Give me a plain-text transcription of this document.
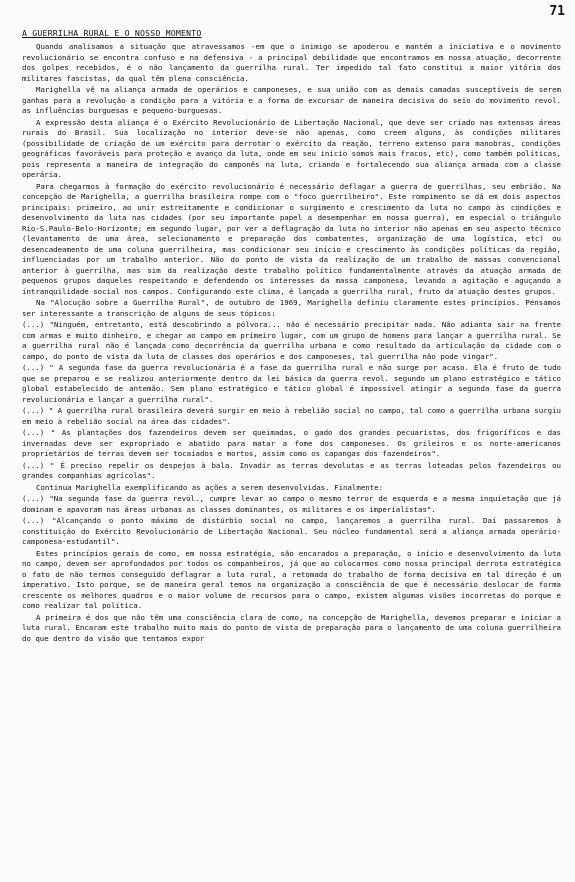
71
A GUERRILHA RURAL E O NOSSO MOMENTO

Quando analisamos a situação que atravessamos -em que o inimigo se apoderou e mantém a iniciativa e o movimento revolucionário se encontra confuso e na defensiva - a principal debilidade que encontramos em nossa atuação, decorrente dos golpes recebidos, é o não lançamento da guerrilha rural. Ter impedido tal fato constitui a maior vitória dos militares fascistas, da qual têm plena consciência.

Marighella vê na aliança armada de operários e camponeses, e sua união com as demais camadas susceptíveis de serem ganhas para a revolução a condição para a vitória e a forma de excursar de maneira decisiva do seio do movimento revol. as influências burguesas e pequeno-burguesas.

A expressão desta aliança é o Exército Revolucionário de Libertação Nacional, que deve ser criado nas extensas áreas rurais do Brasil. Sua localização no interior deve-se não apenas, como creem alguns, às condições militares (possibilidade de criação de um exército para derrotar o exército da reação, terreno extenso para manobras, condições geográficas favoráveis para proteção e avanço da luta, onde em seu início somos mais fracos, etc), como também políticas, pois representa a maneira de integração do camponês na luta, criando e fortalecendo sua aliança armada com a classe operária.

Para chegarmos à formação do exército revolucionário é necessário deflagar a guerra de guerrilhas, seu embrião. Na concepção de Marighella, a guerrilha brasileira rompe com o "foco guerrilheiro". Este rompimento se dá em dois aspectos principais: primeiro, ao unir estreitamente e condicionar o surgimento e crescimento da luta no campo às condições e desenvolvimento da luta nas cidades (por seu importante papel a desempenhar em nossa guerra), em especial o triângulo Rio-S.Paulo-Belo-Horizonte; em segundo lugar, por ver a deflagração da luta no interior não apenas em seu aspecto técnico (levantamento de uma área, selecionamento e preparação dos combatentes, organização de uma logística, etc) ou desencadeamento de uma coluna guerrilheira, mas condicionar seu início e crescimento às condições políticas da região, influenciadas por um trabalho anterior. Não do ponto de vista da realização de um trabalho de massas convencional anterior à guerrilha, mas sim da realização deste trabalho político fundamentalmente através da atuação armada de pequenos grupos daqueles respeitando e defendendo os interesses da massa camponesa, levando a agitação e aguçando a intranquilidade social nos campos. Configurando este clima, é lançada a guerrilha rural, fruto da atuação destes grupos.

Na "Alocução sobre a Guerrilha Rural", de outubro de 1969, Marighella definiu claramente estes princípios. Pensamos ser interessante a transcrição de alguns de seus tópicos:

(...) "Ninguém, entretanto, está descobrindo a pólvora... não é necessário precipitar nada. Não adianta sair na frente com armas e muito dinheiro, e chegar ao campo em primeiro lugar, com um grupo de homens para lançar a guerrilha rural. Se a guerrilha rural não é lançada como decorrência da guerrilha urbana e como resultado da articulação da cidade com o campo, do ponto de vista da luta de classes dos operários e dos camponeses, tal guerrilha não pode vingar".

(...) " A segunda fase da guerra revolucionária é a fase da guerrilha rural e não surge por acaso. Ela é fruto de tudo que se preparou e se realizou anteriormente dentro da lei básica da guerra revol. segundo um plano estratégico e tático global estabelecido de antemão. Sem plano estratégico e tático global é impossível atingir a segunda fase da guerra revolucionária e lançar a guerrilha rural".

(...) " A guerrilha rural brasileira deverá surgir em meio à rebelião social no campo, tal como a guerrilha urbana surgiu em meio à rebelião social na área das cidades".

(...) " As plantações dos fazendeiros devem ser queimadas, o gado dos grandes pecuaristas, dos frigoríficos e das invernadas deve ser expropriado e abatido para matar a fome dos camponeses. Os grileiros e os norte-americanos proprietários de terras devem ser tocaiados e mortos, assim como os capangas dos fazendeiros".

(...) " É preciso repelir os despejos à bala. Invadir as terras devolutas e as terras loteadas pelos fazendeiros ou grandes companhias agrícolas".

Continua Marighella exemplificando as ações a serem desenvolvidas. Finalmente:

(...) "Na segunda fase da guerra revol., cumpre levar ao campo o mesmo terror de esquerda e a mesma inquietação que já dominam e apavoram nas áreas urbanas as classes dominantes, os militares e os imperialistas".

(...) "Alcançando o ponto máximo de distúrbio social no campo, lançaremos a guerrilha rural. Daí passaremos à constituição do Exército Revolucionário de Libertação Nacional. Seu núcleo fundamental será a aliança armada operário-camponesa-estudantil".

Estes princípios gerais de como, em nossa estratégia, são encarados a preparação, o início e desenvolvimento da luta no campo, devem ser aprofundados por todos os companheiros, já que ao colocarmos como nossa principal derrota estratégica o fato de não termos conseguido deflagrar a luta rural, a retomada do trabalho de forma decisiva em tal direção é um imperativo. Isto porque, se de maneira geral temos na organização a consciência de que é necessário deslocar de forma crescente os melhores quadros e o maior volume de recursos para o campo, existem algumas visões incorretas do porque e como realizar tal política.

A primeira é dos que não têm uma consciência clara de como, na concepção de Marighella, devemos preparar e iniciar a luta rural. Encaram este trabalho muito mais do ponto de vista de preparação para o lançamento de uma coluna guerrilheira do que dentro da visão que tentamos expor
